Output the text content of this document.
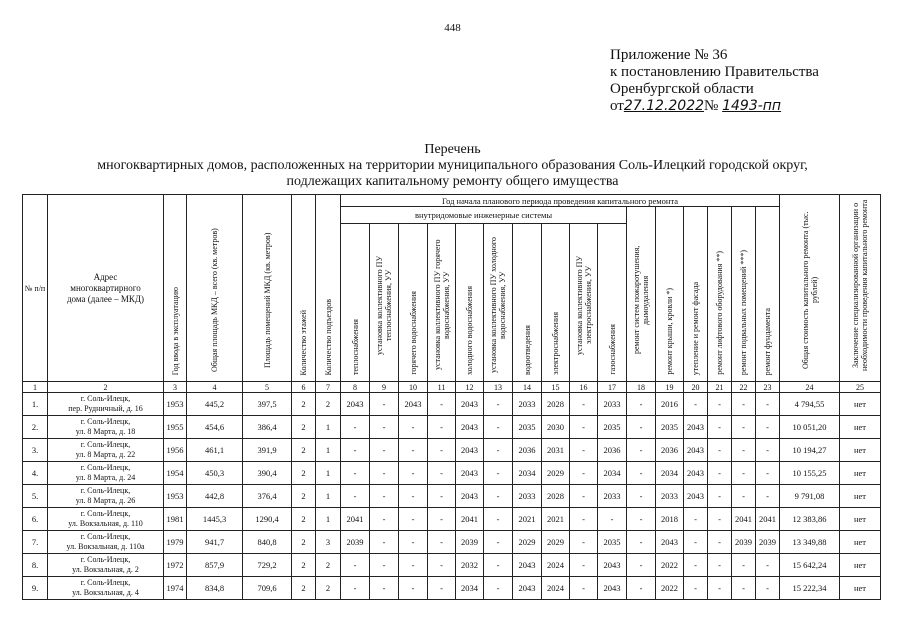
448
Приложение № 36
к постановлению Правительства
Оренбургской области
от27.12.2022№ 1493-пп
Перечень
многоквартирных домов, расположенных на территории муниципального образования Соль-Илецкий городской округ,
подлежащих капитальному ремонту общего имущества
№ п/п	Адрес многоквартирного дома (далее – МКД)	Год ввода в эксплуатацию	Общая площадь МКД – всего (кв. метров)	Площадь помещений МКД (кв. метров)	Количество этажей	Количество подъездов	Год начала планового периода проведения капитального ремонта																Общая стоимость капитального ремонта (тыс. рублей)	Заключение специализированной организации о необходимости проведения капитального ремонта
							внутридомовые инженерные системы										ремонт систем пожаротушения, дымоудаления	ремонт крыши, кровли *)	утепление и ремонт фасада	ремонт лифтового оборудования **)	ремонт подвальных помещений ***)	ремонт фундамента		
							теплоснабжения	установка коллективного ПУ теплоснабжения, УУ	горячего водоснабжения	установка коллективного ПУ горячего водоснабжения, УУ	холодного водоснабжения	установка коллективного ПУ холодного водоснабжения, УУ	водоотведения	электроснабжения	установка коллективного ПУ электроснабжения, УУ	газоснабжения								
1	2	3	4	5	6	7	8	9	10	11	12	13	14	15	16	17	18	19	20	21	22	23	24	25
1.	г. Соль-Илецк,
пер. Рудничный, д. 16	1953	445,2	397,5	2	2	2043	-	2043	-	2043	-	2033	2028	-	2033	-	2016	-	-	-	-	4 794,55	нет
2.	г. Соль-Илецк,
ул. 8 Марта, д. 18	1955	454,6	386,4	2	1	-	-	-	-	2043	-	2035	2030	-	2035	-	2035	2043	-	-	-	10 051,20	нет
3.	г. Соль-Илецк,
ул. 8 Марта, д. 22	1956	461,1	391,9	2	1	-	-	-	-	2043	-	2036	2031	-	2036	-	2036	2043	-	-	-	10 194,27	нет
4.	г. Соль-Илецк,
ул. 8 Марта, д. 24	1954	450,3	390,4	2	1	-	-	-	-	2043	-	2034	2029	-	2034	-	2034	2043	-	-	-	10 155,25	нет
5.	г. Соль-Илецк,
ул. 8 Марта, д. 26	1953	442,8	376,4	2	1	-	-	-	-	2043	-	2033	2028	-	2033	-	2033	2043	-	-	-	9 791,08	нет
6.	г. Соль-Илецк,
ул. Вокзальная, д. 110	1981	1445,3	1290,4	2	1	2041	-	-	-	2041	-	2021	2021	-	-	-	2018	-	-	2041	2041	12 383,86	нет
7.	г. Соль-Илецк,
ул. Вокзальная, д. 110а	1979	941,7	840,8	2	3	2039	-	-	-	2039	-	2029	2029	-	2035	-	2043	-	-	2039	2039	13 349,88	нет
8.	г. Соль-Илецк,
ул. Вокзальная, д. 2	1972	857,9	729,2	2	2	-	-	-	-	2032	-	2043	2024	-	2043	-	2022	-	-	-	-	15 642,24	нет
9.	г. Соль-Илецк,
ул. Вокзальная, д. 4	1974	834,8	709,6	2	2	-	-	-	-	2034	-	2043	2024	-	2043	-	2022	-	-	-	-	15 222,34	нет
